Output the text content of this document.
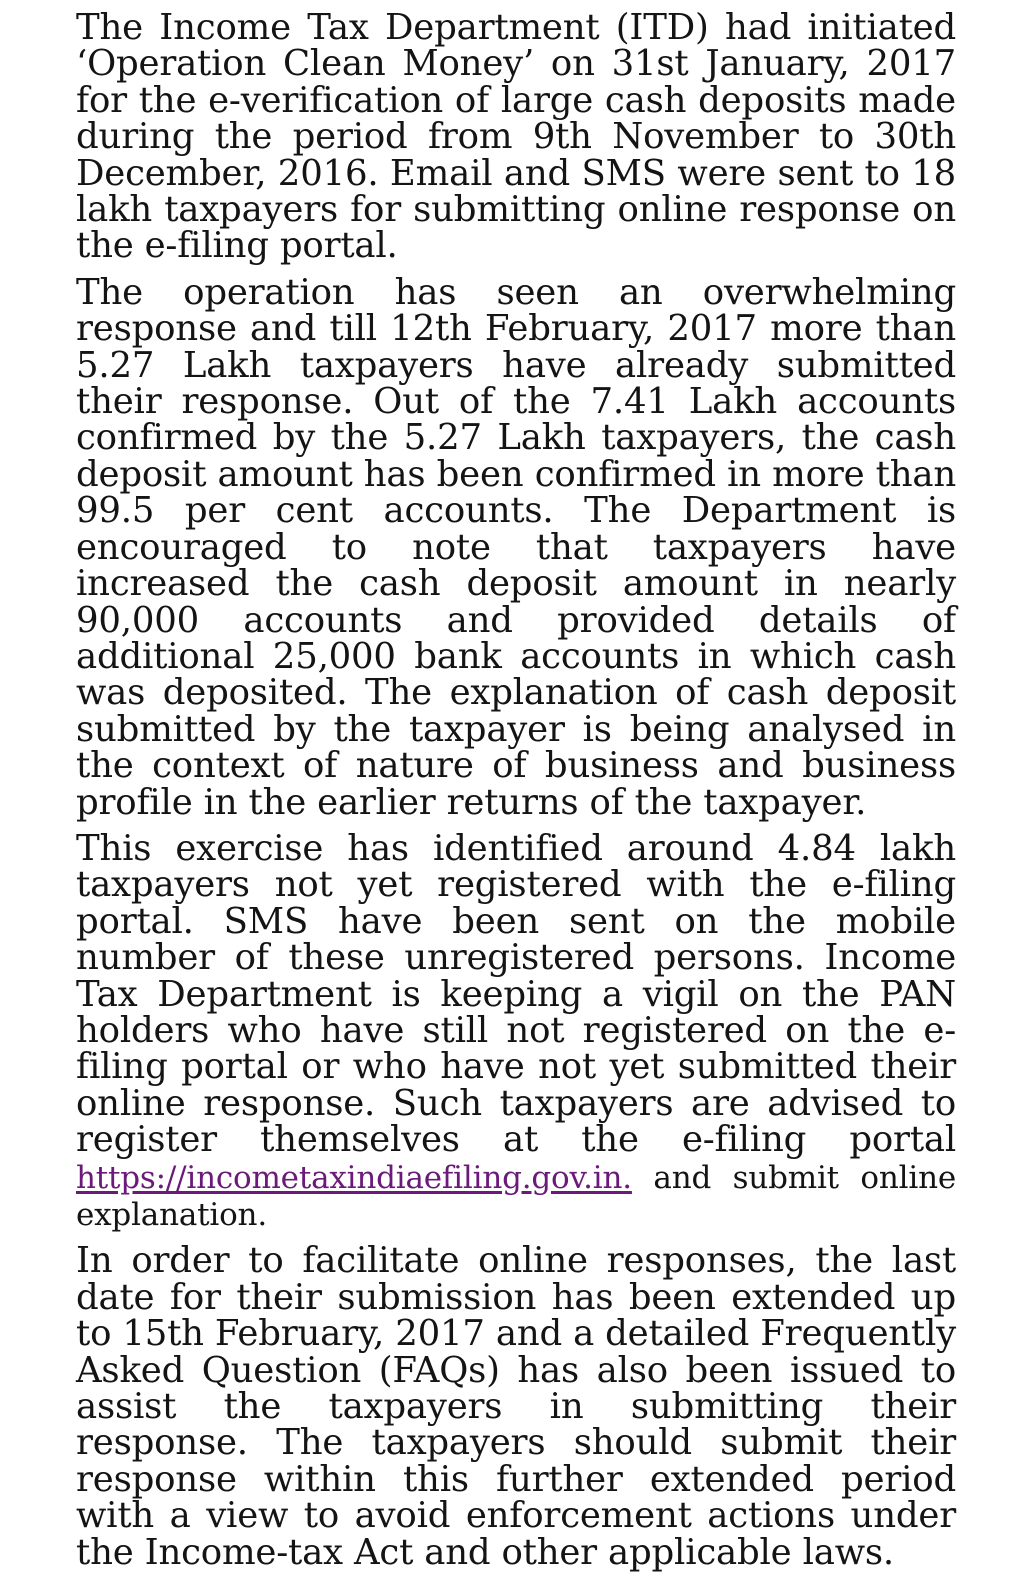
The Income Tax Department (ITD) had initiated ‘Operation Clean Money’ on 31st January, 2017 for the e-verification of large cash deposits made during the period from 9th November to 30th December, 2016. Email and SMS were sent to 18 lakh taxpayers for submitting online response on the e-filing portal.

The operation has seen an overwhelming response and till 12th February, 2017 more than 5.27 Lakh taxpayers have already submitted their response. Out of the 7.41 Lakh accounts confirmed by the 5.27 Lakh taxpayers, the cash deposit amount has been confirmed in more than 99.5 per cent accounts. The Department is encouraged to note that taxpayers have increased the cash deposit amount in nearly 90,000 accounts and provided details of additional 25,000 bank accounts in which cash was deposited. The explanation of cash deposit submitted by the taxpayer is being analysed in the context of nature of business and business profile in the earlier returns of the taxpayer.

This exercise has identified around 4.84 lakh taxpayers not yet registered with the e-filing portal. SMS have been sent on the mobile number of these unregistered persons. Income Tax Department is keeping a vigil on the PAN holders who have still not registered on the e-filing portal or who have not yet submitted their online response. Such taxpayers are advised to register themselves at the e-filing portal https://incometaxindiaefiling.gov.in. and submit online explanation.

In order to facilitate online responses, the last date for their submission has been extended up to 15th February, 2017 and a detailed Frequently Asked Question (FAQs) has also been issued to assist the taxpayers in submitting their response. The taxpayers should submit their response within this further extended period with a view to avoid enforcement actions under the Income-tax Act and other applicable laws.
